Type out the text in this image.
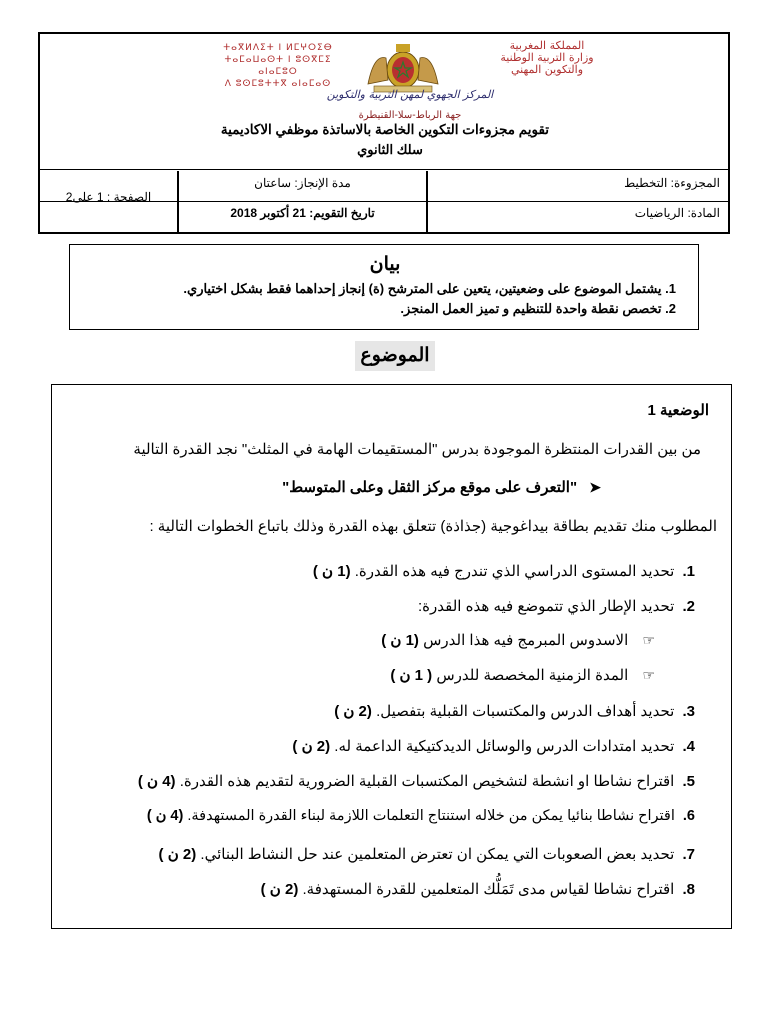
المملكة المغربية
وزارة التربية الوطنية
والتكوين المهني
ⵜⴰⴳⵍⴷⵉⵜ ⵏ ⵍⵎⵖⵔⵉⴱ
ⵜⴰⵎⴰⵡⴰⵙⵜ ⵏ ⵓⵙⴳⵎⵉ ⴰⵏⴰⵎⵓⵔ
ⴷ ⵓⵙⵎⵓⵜⵜⴳ ⴰⵏⴰⵎⴰⵙ
المركز الجهوي لمهن التربية والتكوين
جهة الرباط-سلا-القنيطرة
تقويم مجزوءات التكوين الخاصة بالاساتذة موظفي الاكاديمية
سلك الثانوي
المجزوءة: التخطيط
المادة: الرياضيات
مدة الإنجاز: ساعتان
تاريخ التقويم: 21 أكتوبر 2018
الصفحة : 1 على2
بيان
1. يشتمل الموضوع على وضعيتين، يتعين على المترشح (ة) إنجاز إحداهما فقط بشكل اختياري.
2. تخصص نقطة واحدة للتنظيم و تميز العمل المنجز.
الموضوع
الوضعية 1
من بين القدرات المنتظرة الموجودة بدرس "المستقيمات الهامة في المثلث" نجد القدرة التالية
➤ "التعرف على موقع مركز الثقل وعلى المتوسط"
المطلوب منك تقديم بطاقة بيداغوجية (جذاذة) تتعلق بهذه القدرة وذلك باتباع الخطوات التالية :
1. تحديد المستوى الدراسي الذي تندرج فيه هذه القدرة. (1 ن )
2. تحديد الإطار الذي تتموضع فيه هذه القدرة:
☞ الاسدوس المبرمج فيه هذا الدرس (1 ن )
☞ المدة الزمنية المخصصة للدرس ( 1 ن )
3. تحديد أهداف الدرس والمكتسبات القبلية بتفصيل. (2 ن )
4. تحديد امتدادات الدرس والوسائل الديدكتيكية الداعمة له. (2 ن )
5. اقتراح نشاطا او انشطة لتشخيص المكتسبات القبلية الضرورية لتقديم هذه القدرة. (4 ن )
6. اقتراح نشاطا بنائيا يمكن من خلاله استنتاج التعلمات اللازمة لبناء القدرة المستهدفة. (4 ن )
7. تحديد بعض الصعوبات التي يمكن ان تعترض المتعلمين عند حل النشاط البنائي. (2 ن )
8. اقتراح نشاطا لقياس مدى تَمَلُّك المتعلمين للقدرة المستهدفة. (2 ن )
